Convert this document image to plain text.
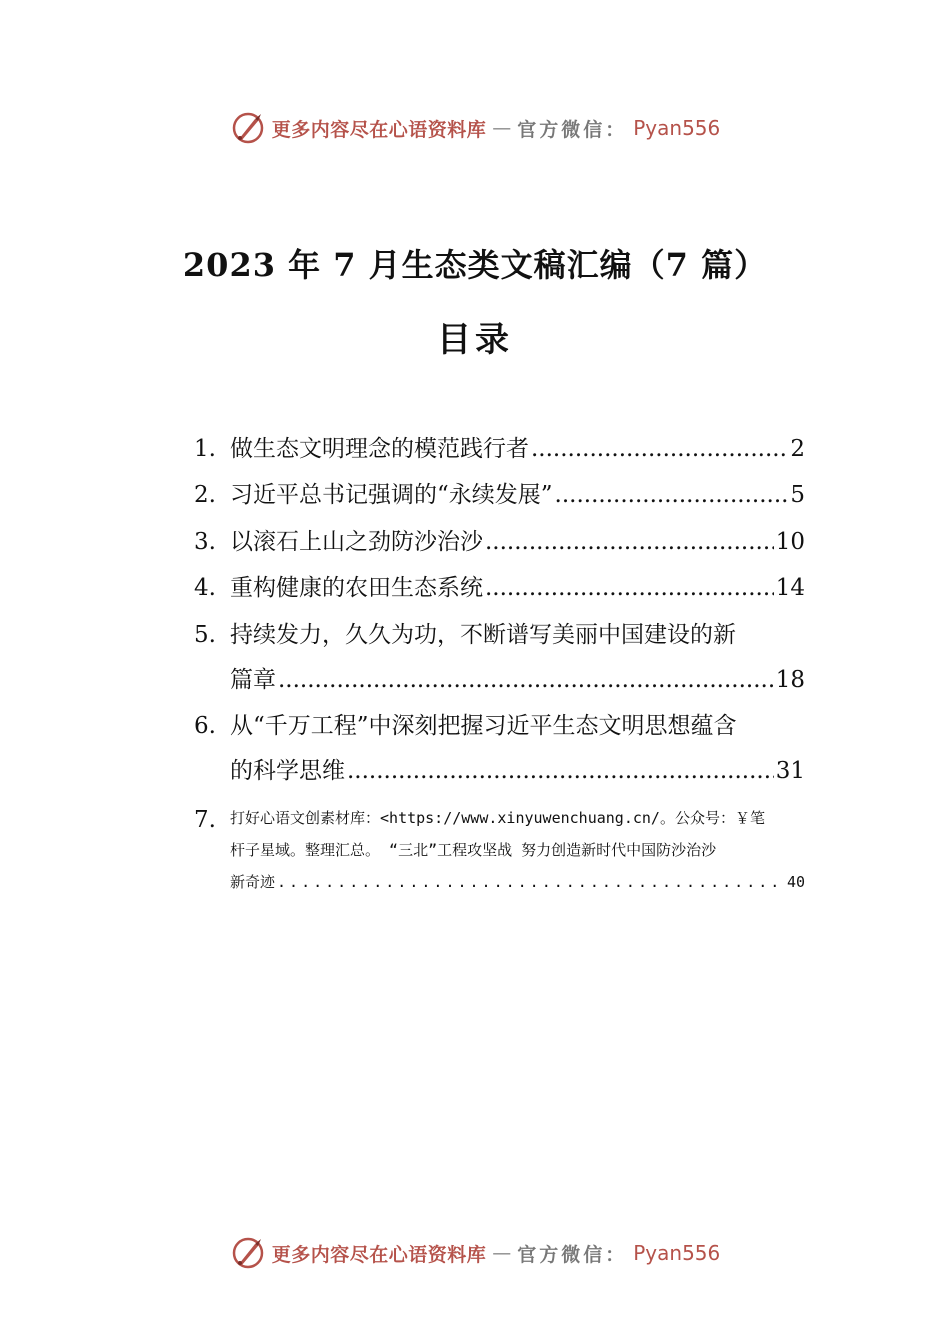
更多内容尽在心语资料库 — 官方微信： Pyan556
2023 年 7 月生态类文稿汇编（7 篇）
目录
1. 做生态文明理念的模范践行者 .....	2
2. 习近平总书记强调的“永续发展” .....	5
3. 以滚石上山之劲防沙治沙 .....	10
4. 重构健康的农田生态系统 .....	14
5. 持续发力，久久为功，不断谱写美丽中国建设的新
篇章 .....	18
6. 从“千万工程”中深刻把握习近平生态文明思想蕴含
的科学思维 .....	31
7. 打好心语文创素材库：<https://www.xinyuwenchuang.cn/。公众号：￥笔
杆子星域。整理汇总。 “三北”工程攻坚战 努力创造新时代中国防沙治沙
新奇迹 .....	40
更多内容尽在心语资料库 — 官方微信： Pyan556
